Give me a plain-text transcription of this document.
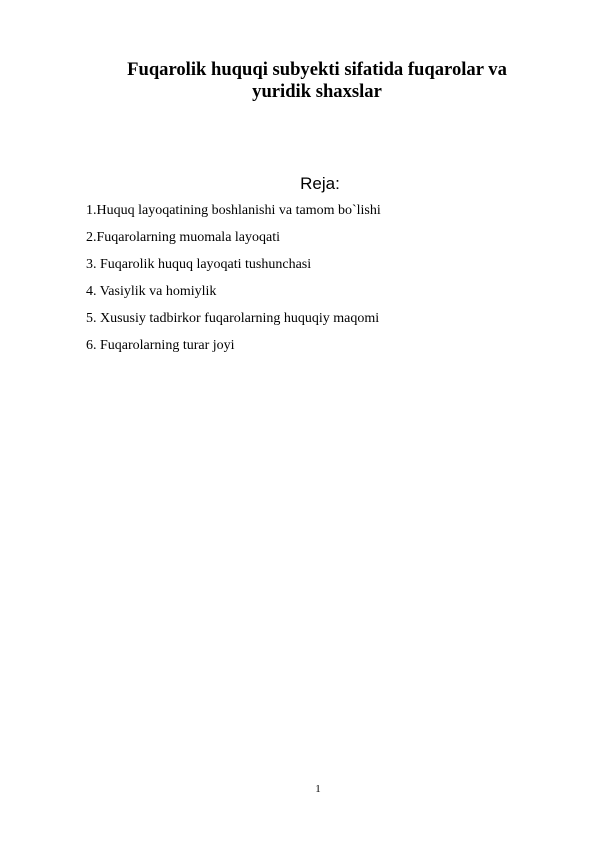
Fuqarolik huquqi subyekti sifatida fuqarolar va
yuridik shaxslar
Reja:
1.Huquq layoqatining boshlanishi va tamom bo`lishi
2.Fuqarolarning muomala layoqati
3. Fuqarolik huquq layoqati tushunchasi
4. Vasiylik va homiylik
5. Xususiy tadbirkor fuqarolarning huquqiy maqomi
6. Fuqarolarning turar joyi
1
